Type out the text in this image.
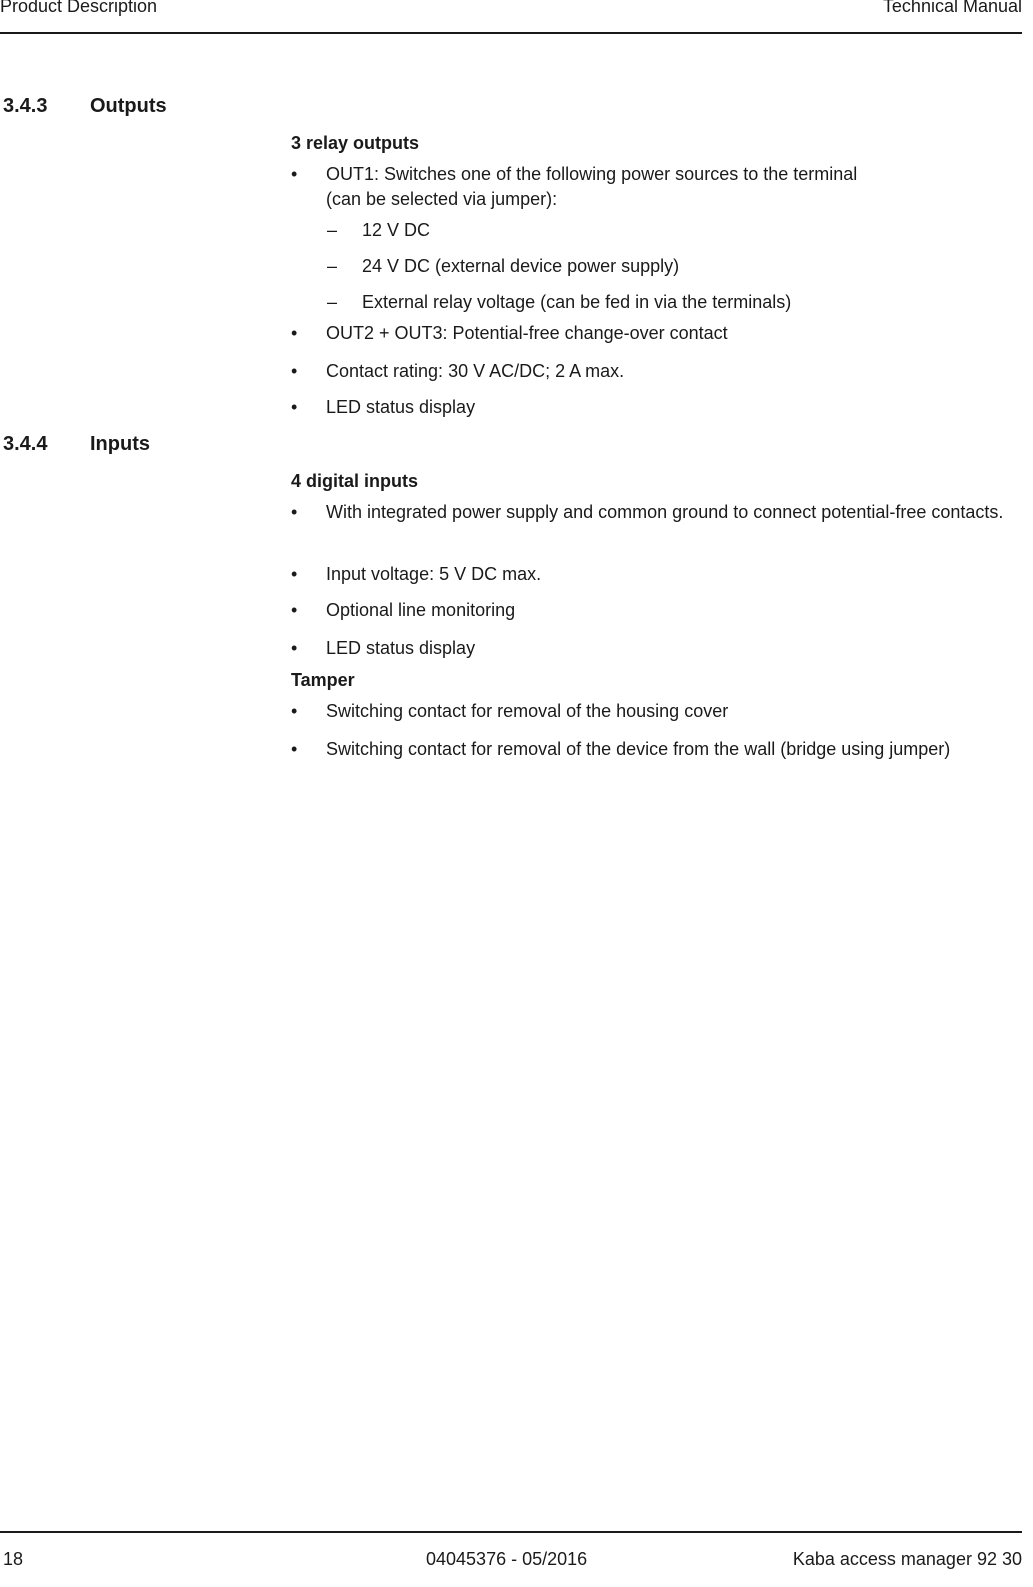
Product Description	Technical Manual
3.4.3 Outputs
3 relay outputs
•	OUT1: Switches one of the following power sources to the terminal
(can be selected via jumper):
– 12 V DC
– 24 V DC (external device power supply)
– External relay voltage (can be fed in via the terminals)
•	OUT2 + OUT3: Potential-free change-over contact
•	Contact rating: 30 V AC/DC; 2 A max.
•	LED status display
3.4.4 Inputs
4 digital inputs
•	With integrated power supply and common ground to connect potential-free contacts.
•	Input voltage: 5 V DC max.
•	Optional line monitoring
•	LED status display
Tamper
•	Switching contact for removal of the housing cover
•	Switching contact for removal of the device from the wall (bridge using jumper)
18	04045376 - 05/2016	Kaba access manager 92 30
